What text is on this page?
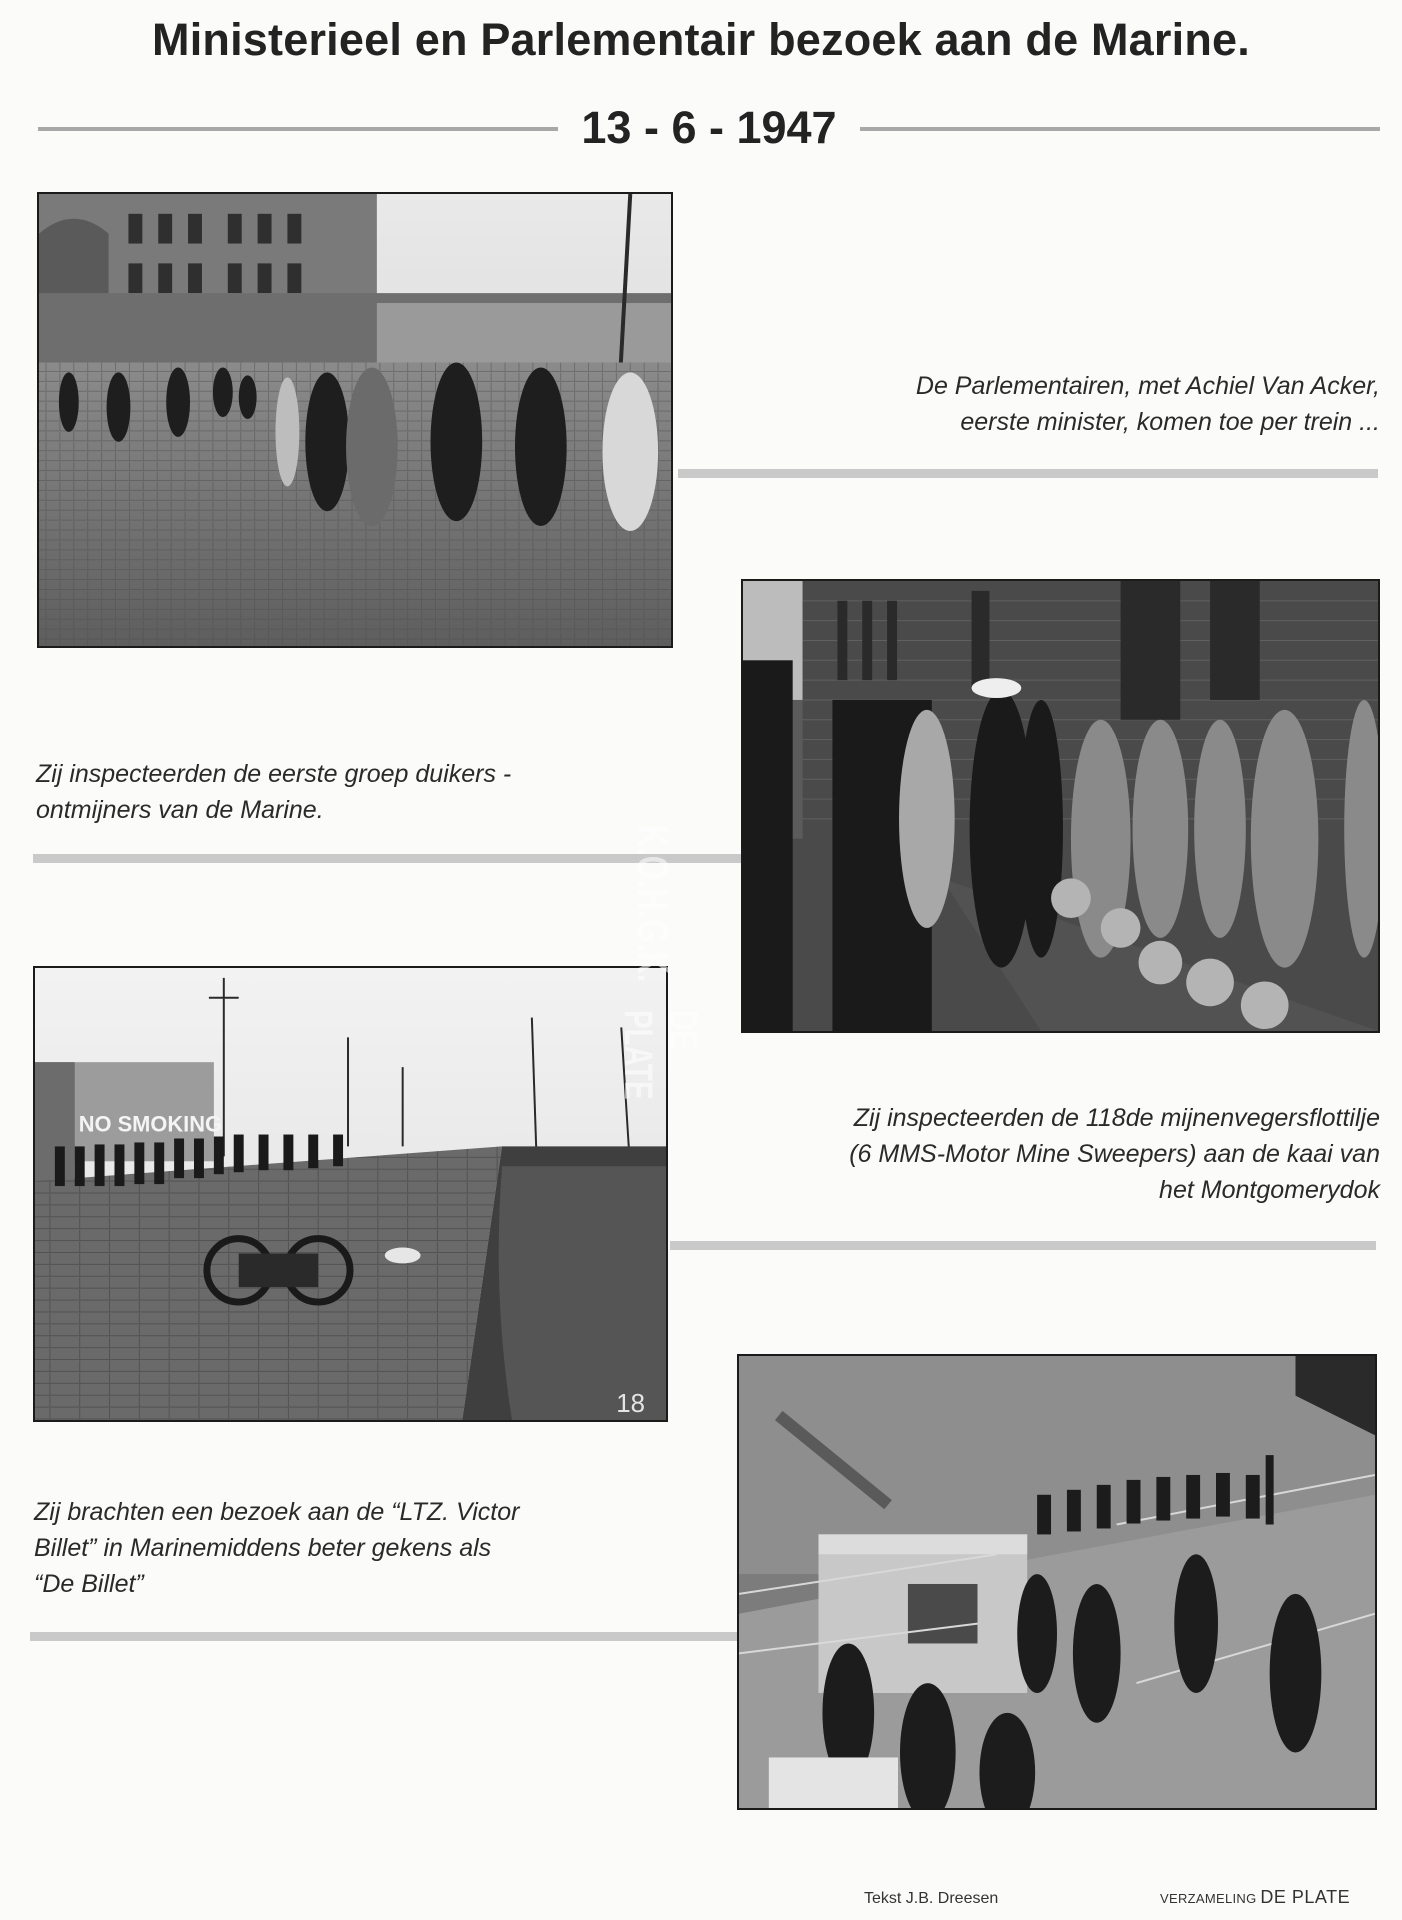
Ministerieel en Parlementair bezoek aan de Marine.
13 - 6 - 1947
De Parlementairen, met Achiel Van Acker,
eerste minister, komen toe per trein ...
Zij inspecteerden de eerste groep duikers -
ontmijners van de Marine.
NO SMOKING
18
K.O.H.G.K.
DE PLATE
Zij inspecteerden de 118de mijnenvegersflottilje
(6 MMS-Motor Mine Sweepers) aan de kaai van
het Montgomerydok
Zij brachten een bezoek aan de “LTZ. Victor
Billet” in Marinemiddens beter gekens als
“De Billet”
Tekst J.B. Dreesen	VERZAMELING DE PLATE
